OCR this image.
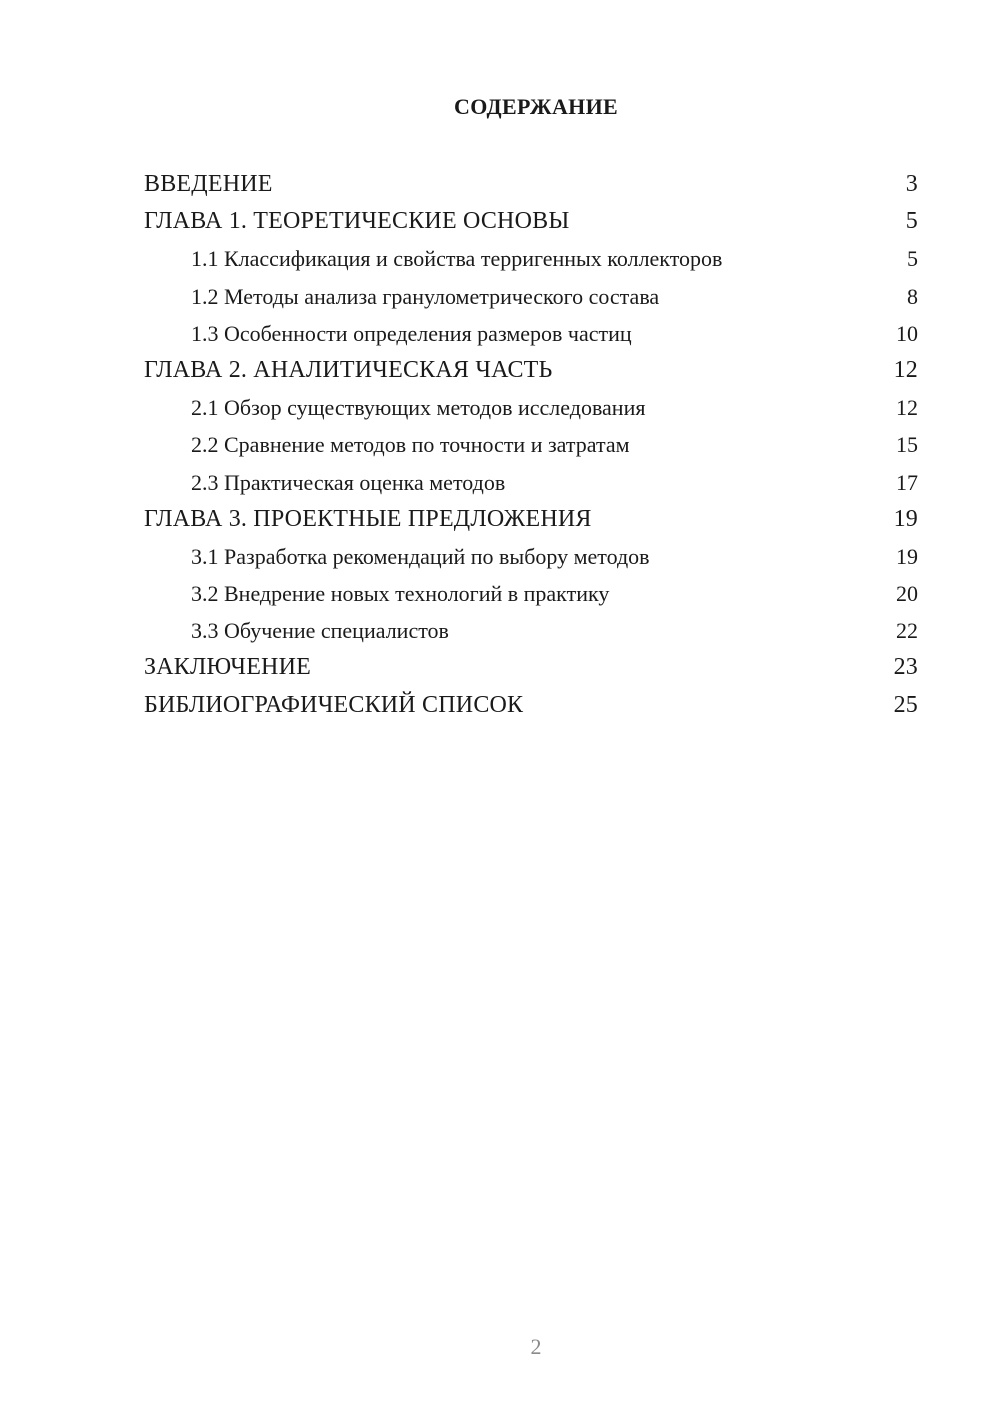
СОДЕРЖАНИЕ
ВВЕДЕНИЕ	3
ГЛАВА 1. ТЕОРЕТИЧЕСКИЕ ОСНОВЫ	5
1.1 Классификация и свойства терригенных коллекторов	5
1.2 Методы анализа гранулометрического состава	8
1.3 Особенности определения размеров частиц	10
ГЛАВА 2. АНАЛИТИЧЕСКАЯ ЧАСТЬ	12
2.1 Обзор существующих методов исследования	12
2.2 Сравнение методов по точности и затратам	15
2.3 Практическая оценка методов	17
ГЛАВА 3. ПРОЕКТНЫЕ ПРЕДЛОЖЕНИЯ	19
3.1 Разработка рекомендаций по выбору методов	19
3.2 Внедрение новых технологий в практику	20
3.3 Обучение специалистов	22
ЗАКЛЮЧЕНИЕ	23
БИБЛИОГРАФИЧЕСКИЙ СПИСОК	25
2
